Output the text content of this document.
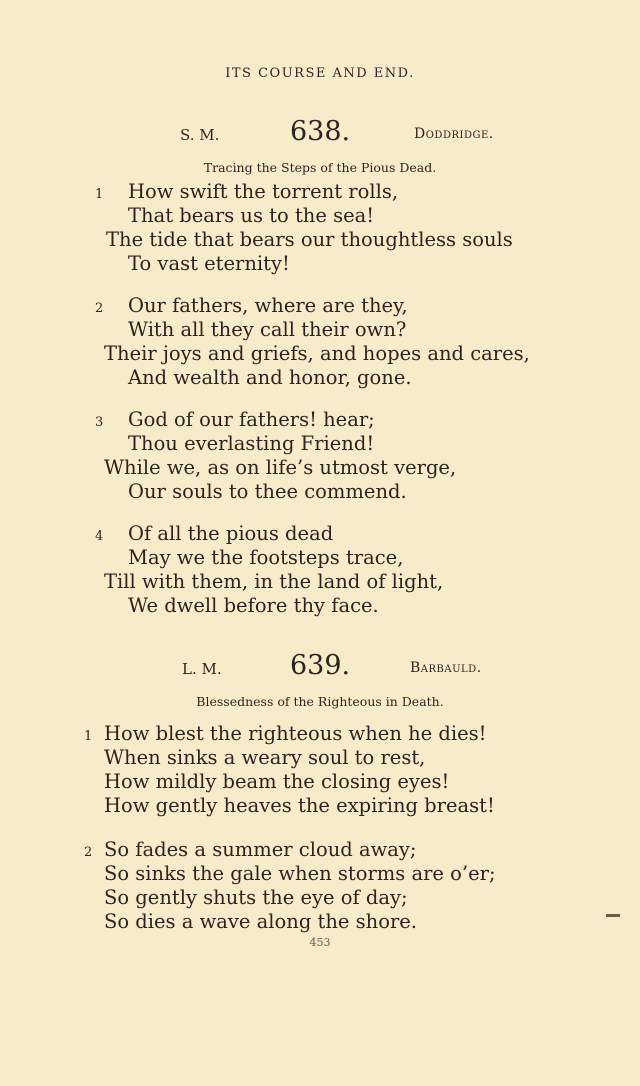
ITS COURSE AND END.
S. M.	638.	Doddridge.
Tracing the Steps of the Pious Dead.
1 How swift the torrent rolls,
That bears us to the sea!
The tide that bears our thoughtless souls
To vast eternity!
2 Our fathers, where are they,
With all they call their own?
Their joys and griefs, and hopes and cares,
And wealth and honor, gone.
3 God of our fathers! hear;
Thou everlasting Friend!
While we, as on life’s utmost verge,
Our souls to thee commend.
4 Of all the pious dead
May we the footsteps trace,
Till with them, in the land of light,
We dwell before thy face.
L. M.	639.	Barbauld.
Blessedness of the Righteous in Death.
1 How blest the righteous when he dies!
When sinks a weary soul to rest,
How mildly beam the closing eyes!
How gently heaves the expiring breast!
2 So fades a summer cloud away;
So sinks the gale when storms are o’er;
So gently shuts the eye of day;
So dies a wave along the shore.
453
